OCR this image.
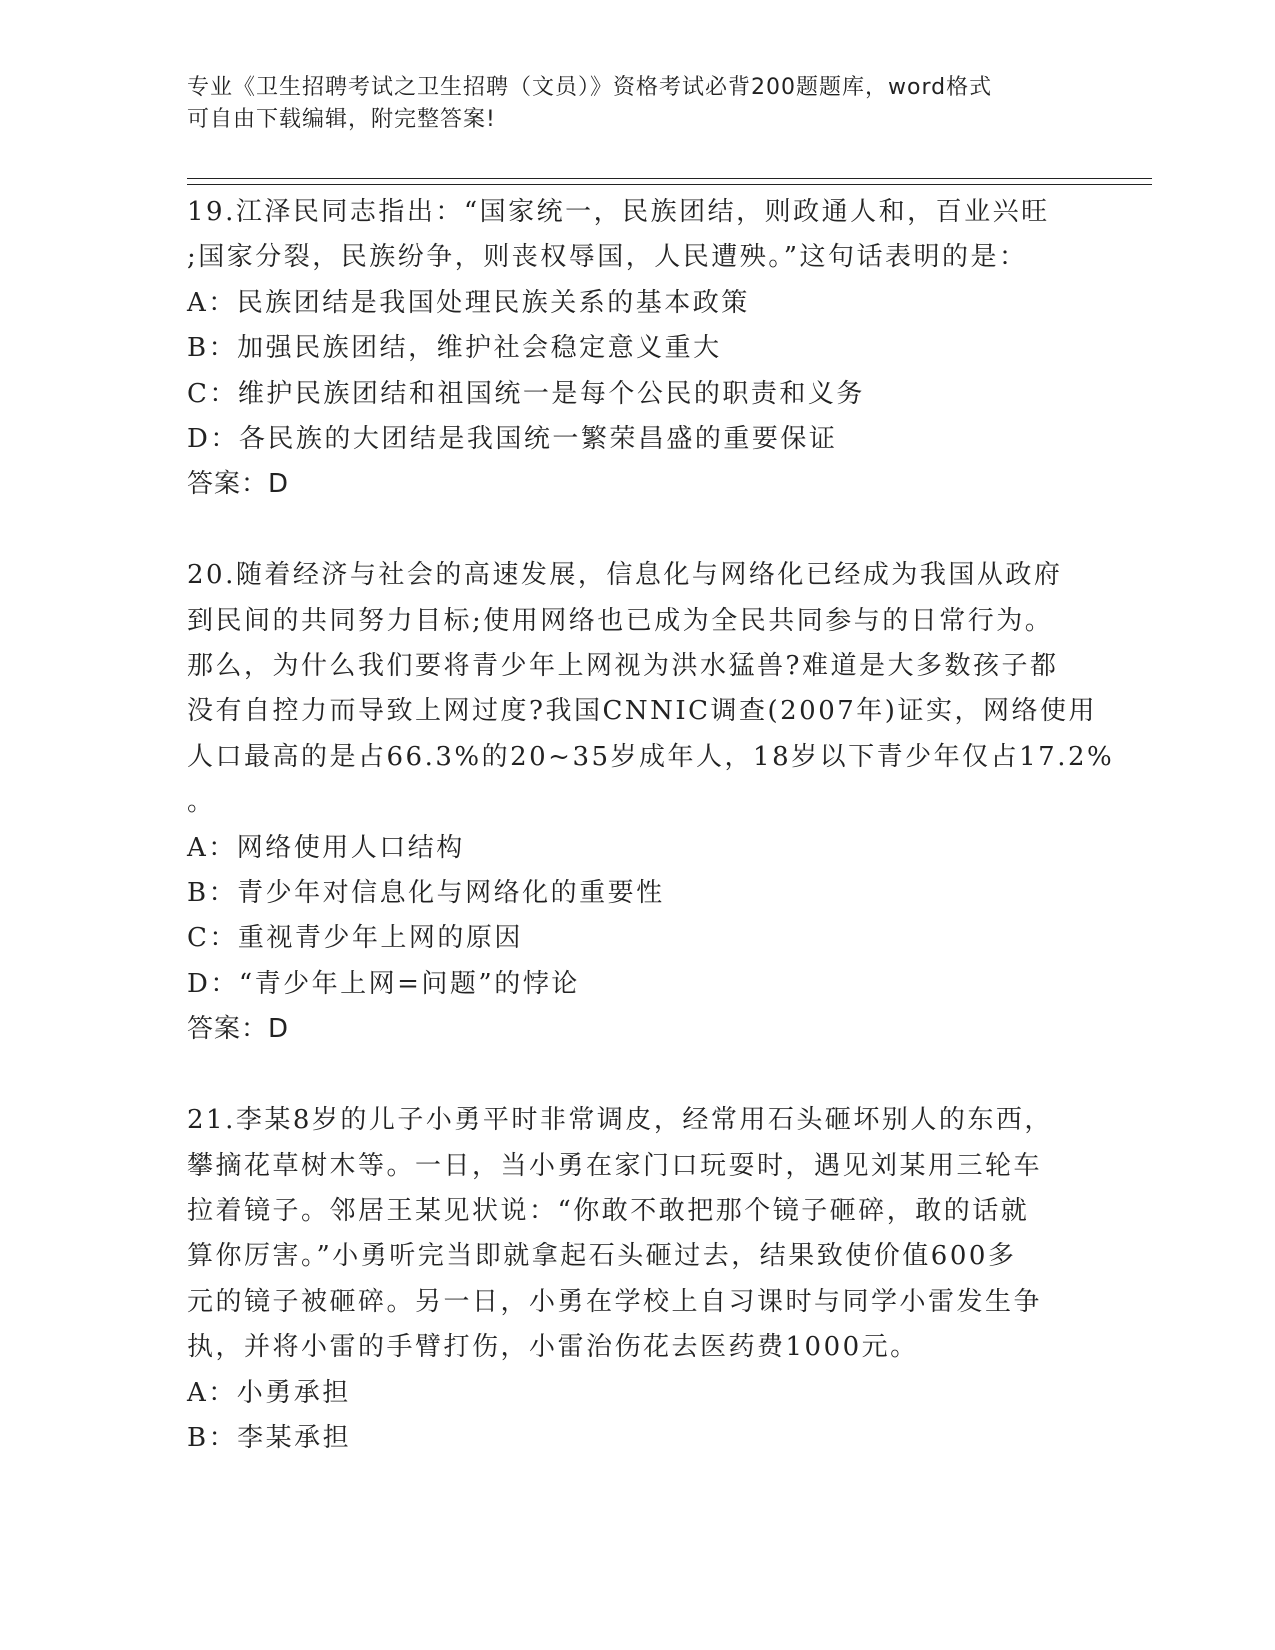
专业《卫生招聘考试之卫生招聘（文员）》资格考试必背200题题库，word格式
可自由下载编辑，附完整答案!
19.江泽民同志指出：“国家统一，民族团结，则政通人和，百业兴旺
;国家分裂，民族纷争，则丧权辱国，人民遭殃。”这句话表明的是：
A：民族团结是我国处理民族关系的基本政策
B：加强民族团结，维护社会稳定意义重大
C：维护民族团结和祖国统一是每个公民的职责和义务
D：各民族的大团结是我国统一繁荣昌盛的重要保证
答案：D
20.随着经济与社会的高速发展，信息化与网络化已经成为我国从政府
到民间的共同努力目标;使用网络也已成为全民共同参与的日常行为。
那么，为什么我们要将青少年上网视为洪水猛兽?难道是大多数孩子都
没有自控力而导致上网过度?我国CNNIC调查(2007年)证实，网络使用
人口最高的是占66.3%的20~35岁成年人，18岁以下青少年仅占17.2%
。
A：网络使用人口结构
B：青少年对信息化与网络化的重要性
C：重视青少年上网的原因
D：“青少年上网=问题”的悖论
答案：D
21.李某8岁的儿子小勇平时非常调皮，经常用石头砸坏别人的东西，
攀摘花草树木等。一日，当小勇在家门口玩耍时，遇见刘某用三轮车
拉着镜子。邻居王某见状说：“你敢不敢把那个镜子砸碎，敢的话就
算你厉害。”小勇听完当即就拿起石头砸过去，结果致使价值600多
元的镜子被砸碎。另一日，小勇在学校上自习课时与同学小雷发生争
执，并将小雷的手臂打伤，小雷治伤花去医药费1000元。
A：小勇承担
B：李某承担
